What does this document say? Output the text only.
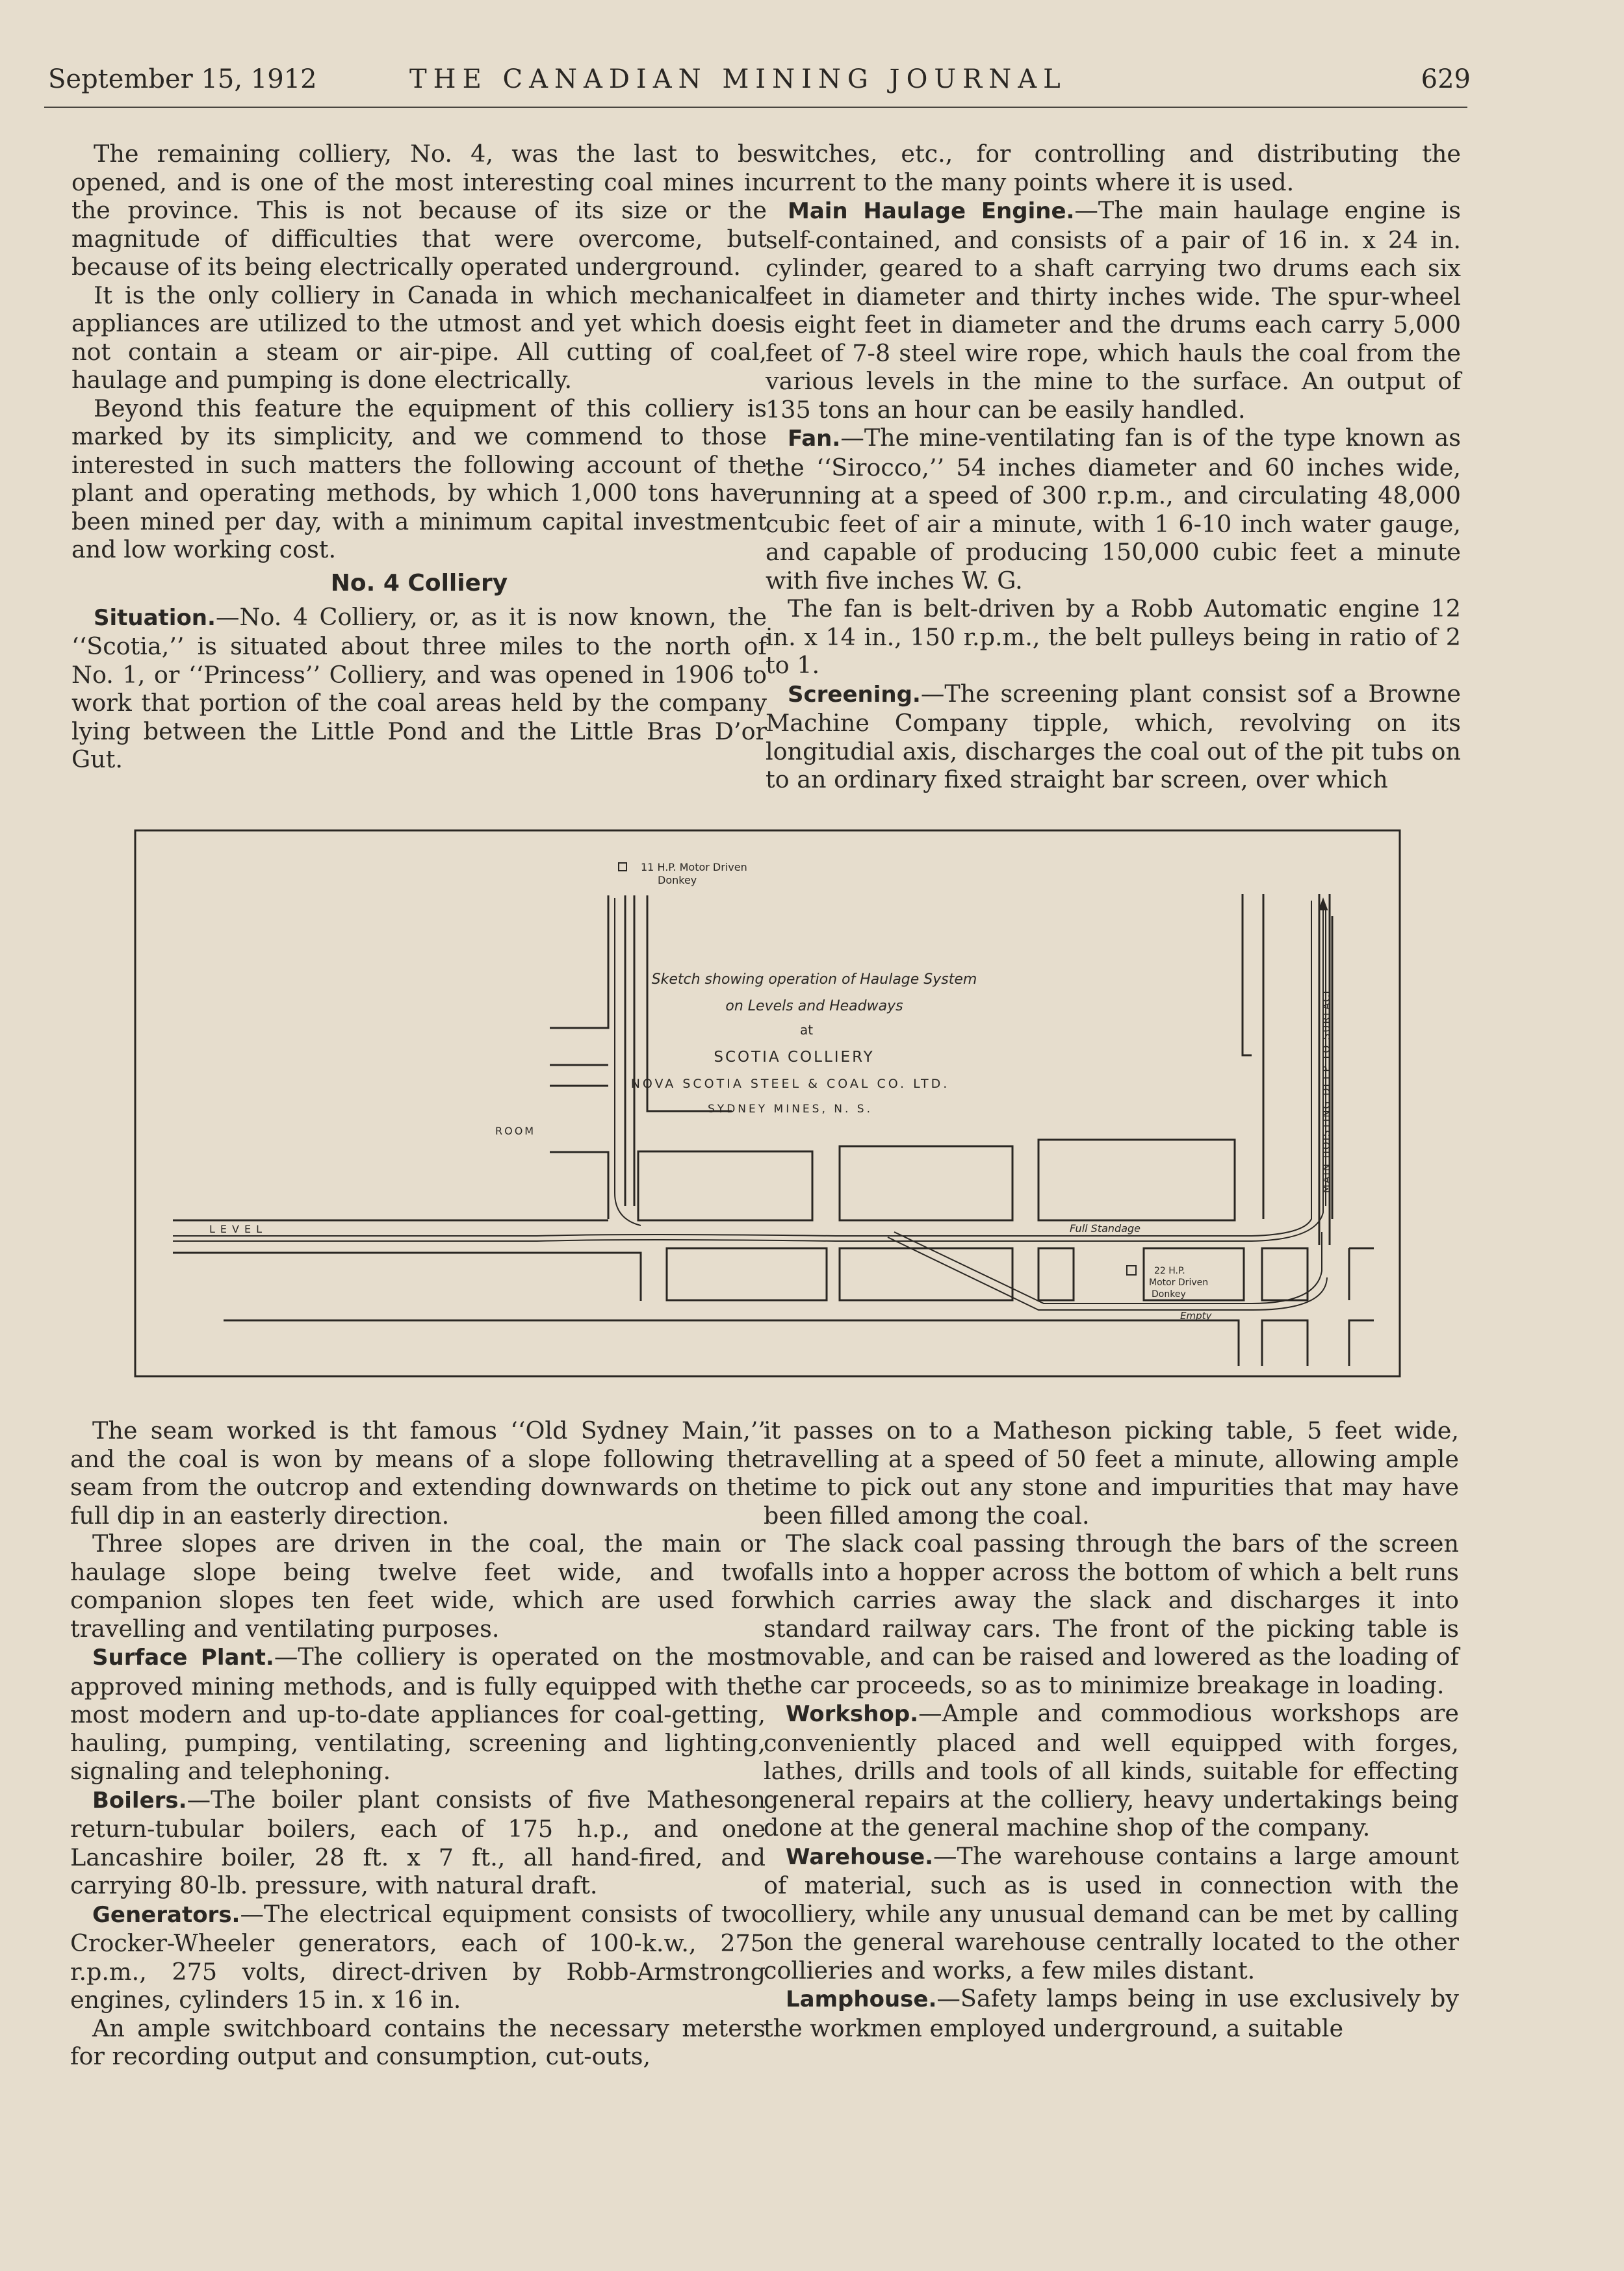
September 15, 1912	THE CANADIAN MINING JOURNAL	629

The remaining colliery, No. 4, was the last to be opened, and is one of the most interesting coal mines in the province. This is not because of its size or the magnitude of difficulties that were overcome, but because of its being electrically operated underground.

It is the only colliery in Canada in which mechanical appliances are utilized to the utmost and yet which does not contain a steam or air-pipe. All cutting of coal, haulage and pumping is done electrically.

Beyond this feature the equipment of this colliery is marked by its simplicity, and we commend to those interested in such matters the following account of the plant and operating methods, by which 1,000 tons have been mined per day, with a minimum capital investment and low working cost.

No. 4 Colliery

Situation.—No. 4 Colliery, or, as it is now known, the ‘‘Scotia,’’ is situated about three miles to the north of No. 1, or ‘‘Princess’’ Colliery, and was opened in 1906 to work that portion of the coal areas held by the company lying between the Little Pond and the Little Bras D’or Gut.

switches, etc., for controlling and distributing the current to the many points where it is used.

Main Haulage Engine.—The main haulage engine is self-contained, and consists of a pair of 16 in. x 24 in. cylinder, geared to a shaft carrying two drums each six feet in diameter and thirty inches wide. The spur-wheel is eight feet in diameter and the drums each carry 5,000 feet of 7-8 steel wire rope, which hauls the coal from the various levels in the mine to the surface. An output of 135 tons an hour can be easily handled.

Fan.—The mine-ventilating fan is of the type known as the ‘‘Sirocco,’’ 54 inches diameter and 60 inches wide, running at a speed of 300 r.p.m., and circulating 48,000 cubic feet of air a minute, with 1 6-10 inch water gauge, and capable of producing 150,000 cubic feet a minute with five inches W. G.

The fan is belt-driven by a Robb Automatic engine 12 in. x 14 in., 150 r.p.m., the belt pulleys being in ratio of 2 to 1.

Screening.—The screening plant consist sof a Browne Machine Company tipple, which, revolving on its longitudial axis, discharges the coal out of the pit tubs on to an ordinary fixed straight bar screen, over which

11 H.P. Motor Driven
Donkey
Sketch showing operation of Haulage System
on Levels and Headways
at
SCOTIA COLLIERY
NOVA SCOTIA STEEL & COAL CO. LTD.
SYDNEY MINES, N. S.
ROOM
LEVEL	Full Standage
Empty
22 H.P.
Motor Driven
Donkey
MAIN HOISTING DEEP TO SURFACE

The seam worked is tht famous ‘‘Old Sydney Main,’’ and the coal is won by means of a slope following the seam from the outcrop and extending downwards on the full dip in an easterly direction.

Three slopes are driven in the coal, the main or haulage slope being twelve feet wide, and two companion slopes ten feet wide, which are used for travelling and ventilating purposes.

Surface Plant.—The colliery is operated on the most approved mining methods, and is fully equipped with the most modern and up-to-date appliances for coal-getting, hauling, pumping, ventilating, screening and lighting, signaling and telephoning.

Boilers.—The boiler plant consists of five Matheson return-tubular boilers, each of 175 h.p., and one Lancashire boiler, 28 ft. x 7 ft., all hand-fired, and carrying 80-lb. pressure, with natural draft.

Generators.—The electrical equipment consists of two Crocker-Wheeler generators, each of 100-k.w., 275 r.p.m., 275 volts, direct-driven by Robb-Armstrong engines, cylinders 15 in. x 16 in.

An ample switchboard contains the necessary meters for recording output and consumption, cut-outs,

it passes on to a Matheson picking table, 5 feet wide, travelling at a speed of 50 feet a minute, allowing ample time to pick out any stone and impurities that may have been filled among the coal.

The slack coal passing through the bars of the screen falls into a hopper across the bottom of which a belt runs which carries away the slack and discharges it into standard railway cars. The front of the picking table is movable, and can be raised and lowered as the loading of the car proceeds, so as to minimize breakage in loading.

Workshop.—Ample and commodious workshops are conveniently placed and well equipped with forges, lathes, drills and tools of all kinds, suitable for effecting general repairs at the colliery, heavy undertakings being done at the general machine shop of the company.

Warehouse.—The warehouse contains a large amount of material, such as is used in connection with the colliery, while any unusual demand can be met by calling on the general warehouse centrally located to the other collieries and works, a few miles distant.

Lamphouse.—Safety lamps being in use exclusively by the workmen employed underground, a suitable
